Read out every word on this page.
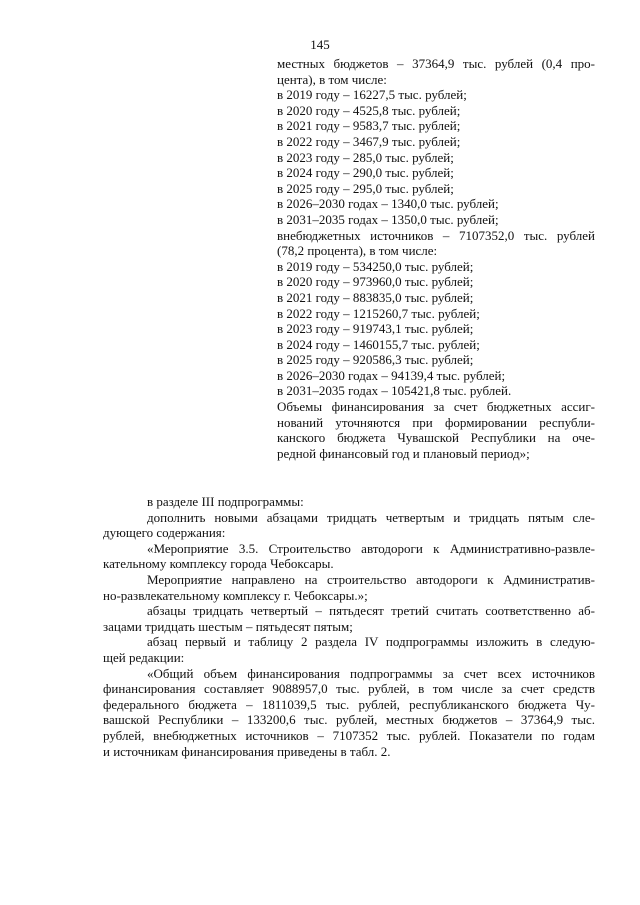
145
местных бюджетов – 37364,9 тыс. рублей (0,4 про-
цента), в том числе:
в 2019 году – 16227,5 тыс. рублей;
в 2020 году – 4525,8 тыс. рублей;
в 2021 году – 9583,7 тыс. рублей;
в 2022 году – 3467,9 тыс. рублей;
в 2023 году – 285,0 тыс. рублей;
в 2024 году – 290,0 тыс. рублей;
в 2025 году – 295,0 тыс. рублей;
в 2026–2030 годах – 1340,0 тыс. рублей;
в 2031–2035 годах – 1350,0 тыс. рублей;
внебюджетных источников – 7107352,0 тыс. рублей
(78,2 процента), в том числе:
в 2019 году – 534250,0 тыс. рублей;
в 2020 году – 973960,0 тыс. рублей;
в 2021 году – 883835,0 тыс. рублей;
в 2022 году – 1215260,7 тыс. рублей;
в 2023 году – 919743,1 тыс. рублей;
в 2024 году – 1460155,7 тыс. рублей;
в 2025 году – 920586,3 тыс. рублей;
в 2026–2030 годах – 94139,4 тыс. рублей;
в 2031–2035 годах – 105421,8 тыс. рублей.
Объемы финансирования за счет бюджетных ассиг-
нований уточняются при формировании республи-
канского бюджета Чувашской Республики на оче-
редной финансовый год и плановый период»;
в разделе III подпрограммы:
дополнить новыми абзацами тридцать четвертым и тридцать пятым сле-
дующего содержания:
«Мероприятие 3.5. Строительство автодороги к Административно-развле-
кательному комплексу города Чебоксары.
Мероприятие направлено на строительство автодороги к Административ-
но-развлекательному комплексу г. Чебоксары.»;
абзацы тридцать четвертый – пятьдесят третий считать соответственно аб-
зацами тридцать шестым – пятьдесят пятым;
абзац первый и таблицу 2 раздела IV подпрограммы изложить в следую-
щей редакции:
«Общий объем финансирования подпрограммы за счет всех источников
финансирования составляет 9088957,0 тыс. рублей, в том числе за счет средств
федерального бюджета – 1811039,5 тыс. рублей, республиканского бюджета Чу-
вашской Республики – 133200,6 тыс. рублей, местных бюджетов – 37364,9 тыс.
рублей, внебюджетных источников – 7107352 тыс. рублей. Показатели по годам
и источникам финансирования приведены в табл. 2.
